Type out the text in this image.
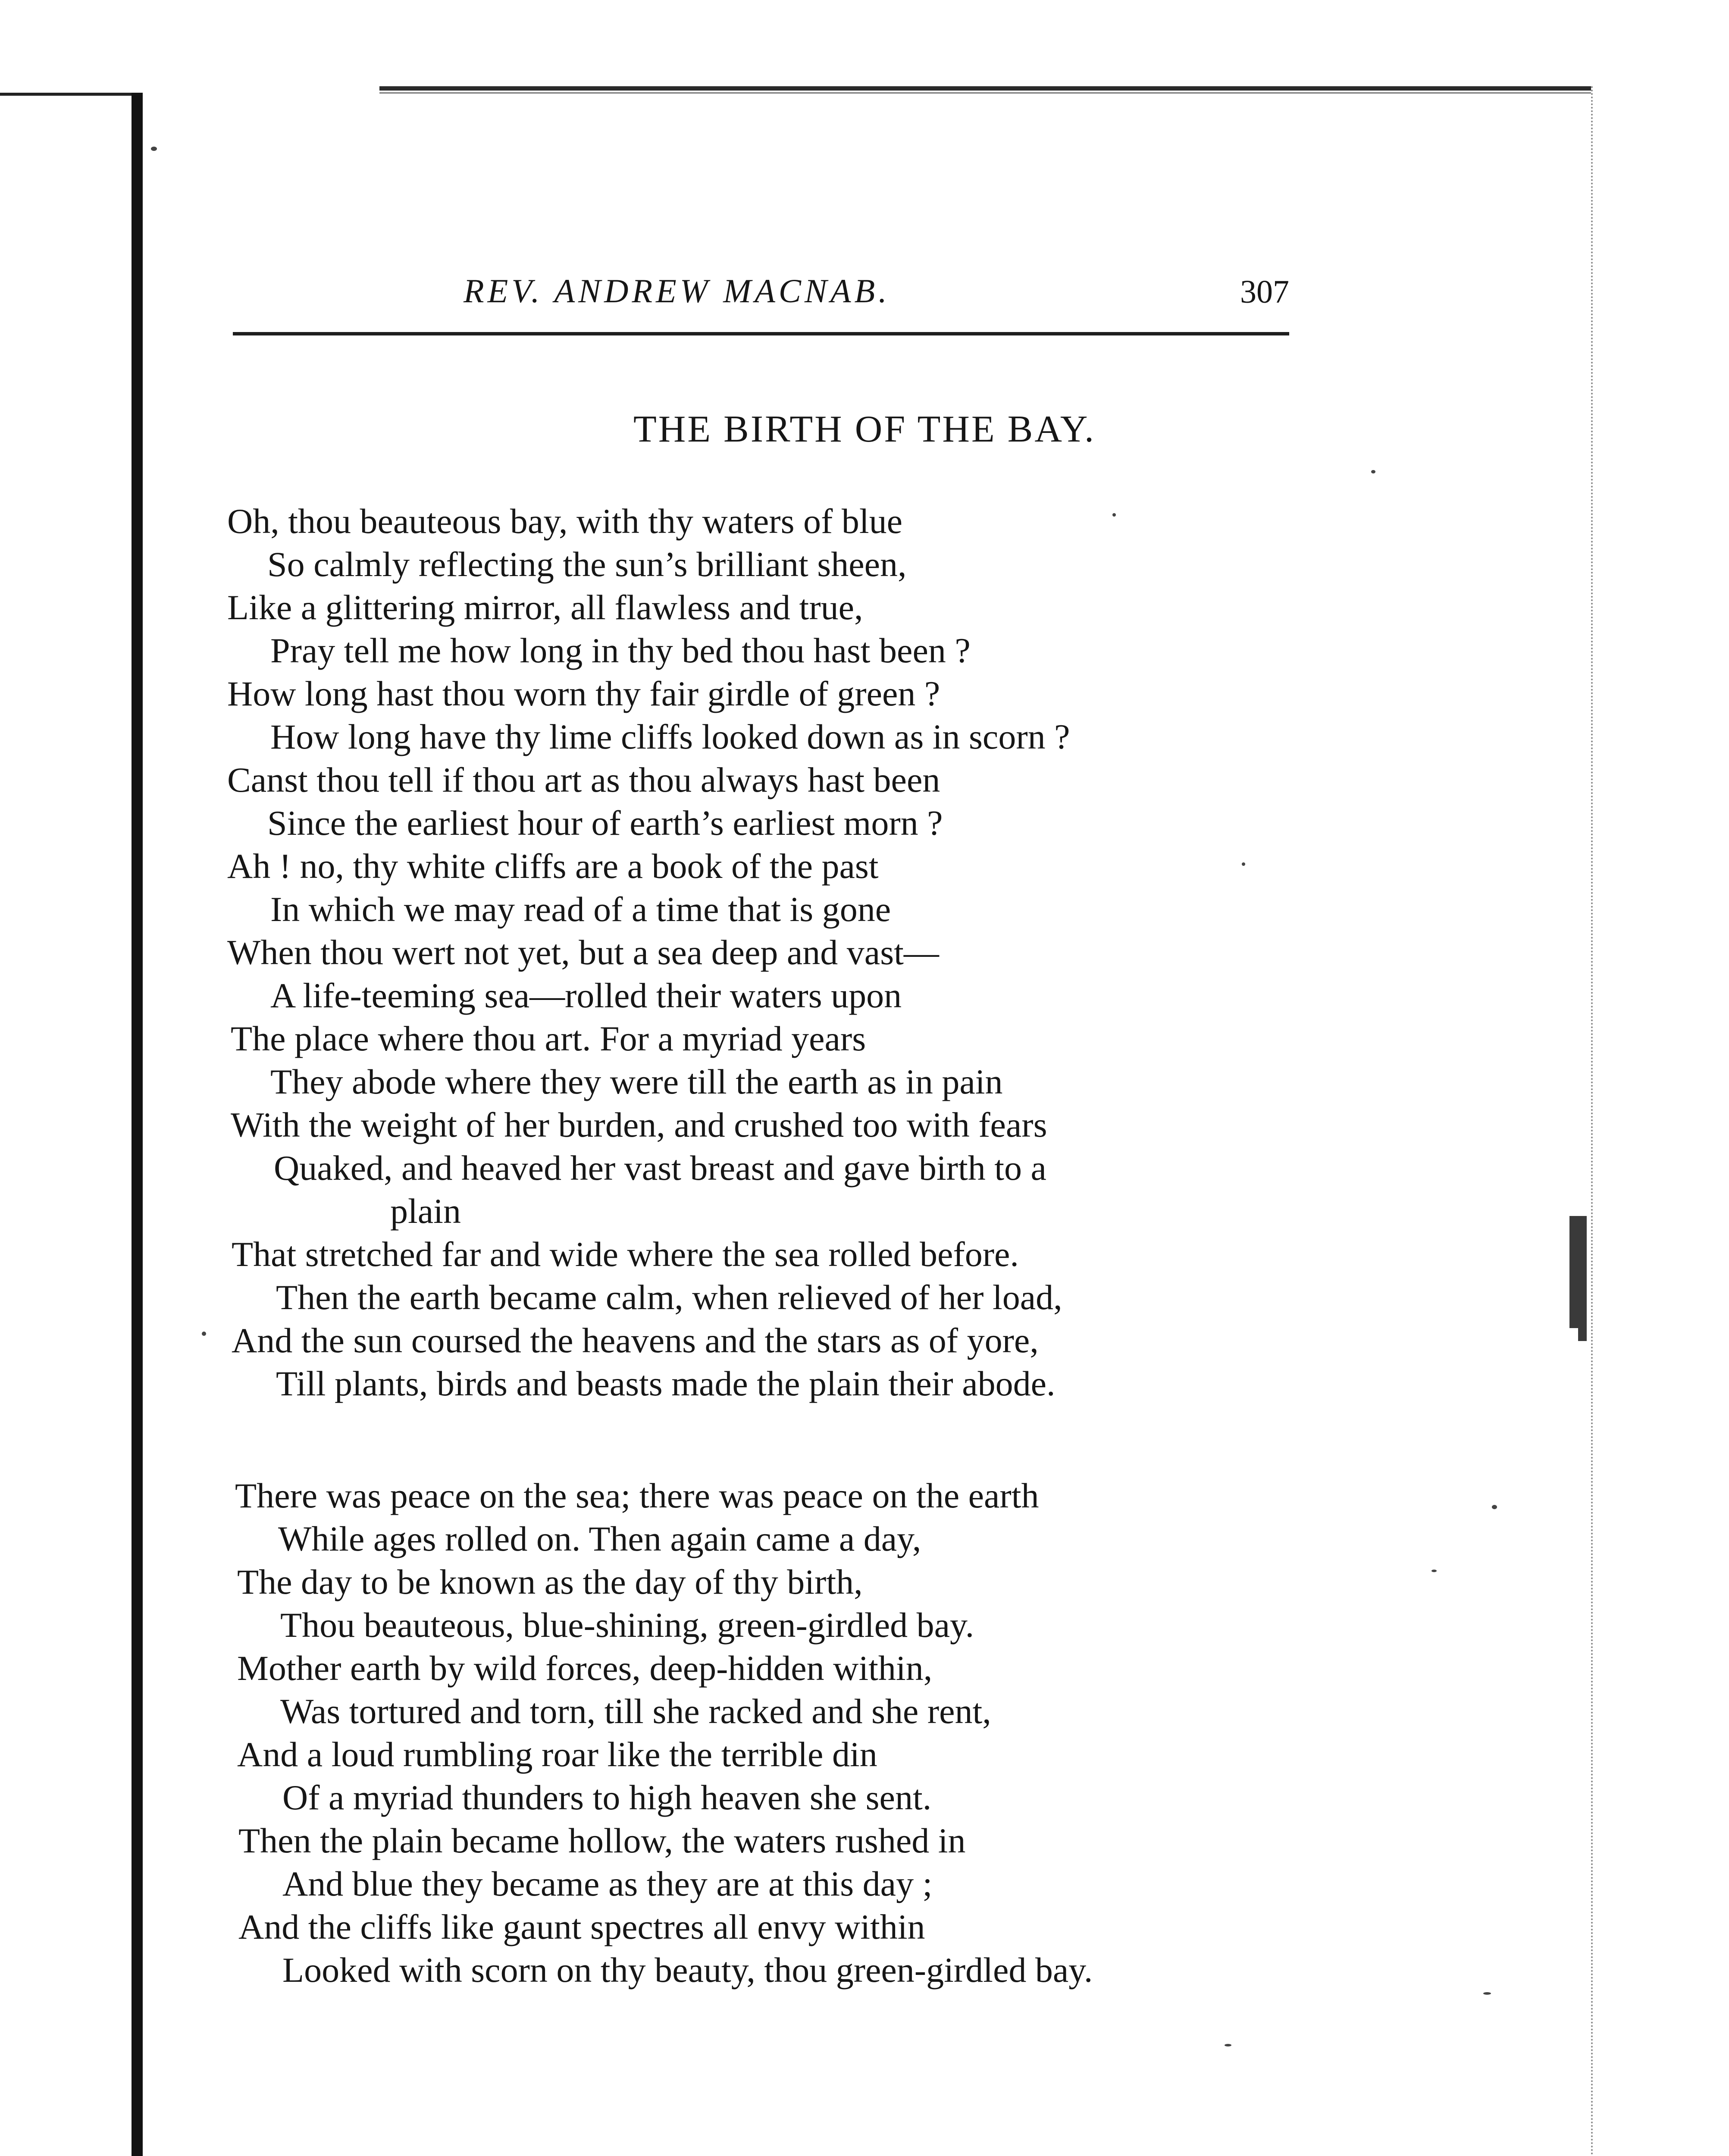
REV. ANDREW MACNAB.	307
THE BIRTH OF THE BAY.
Oh, thou beauteous bay, with thy waters of blue
So calmly reflecting the sun’s brilliant sheen,
Like a glittering mirror, all flawless and true,
Pray tell me how long in thy bed thou hast been ?
How long hast thou worn thy fair girdle of green ?
How long have thy lime cliffs looked down as in scorn ?
Canst thou tell if thou art as thou always hast been
Since the earliest hour of earth’s earliest morn ?
Ah ! no, thy white cliffs are a book of the past
In which we may read of a time that is gone
When thou wert not yet, but a sea deep and vast—
A life-teeming sea—rolled their waters upon
The place where thou art. For a myriad years
They abode where they were till the earth as in pain
With the weight of her burden, and crushed too with fears
Quaked, and heaved her vast breast and gave birth to a
plain
That stretched far and wide where the sea rolled before.
Then the earth became calm, when relieved of her load,
And the sun coursed the heavens and the stars as of yore,
Till plants, birds and beasts made the plain their abode.
There was peace on the sea; there was peace on the earth
While ages rolled on. Then again came a day,
The day to be known as the day of thy birth,
Thou beauteous, blue-shining, green-girdled bay.
Mother earth by wild forces, deep-hidden within,
Was tortured and torn, till she racked and she rent,
And a loud rumbling roar like the terrible din
Of a myriad thunders to high heaven she sent.
Then the plain became hollow, the waters rushed in
And blue they became as they are at this day ;
And the cliffs like gaunt spectres all envy within
Looked with scorn on thy beauty, thou green-girdled bay.
